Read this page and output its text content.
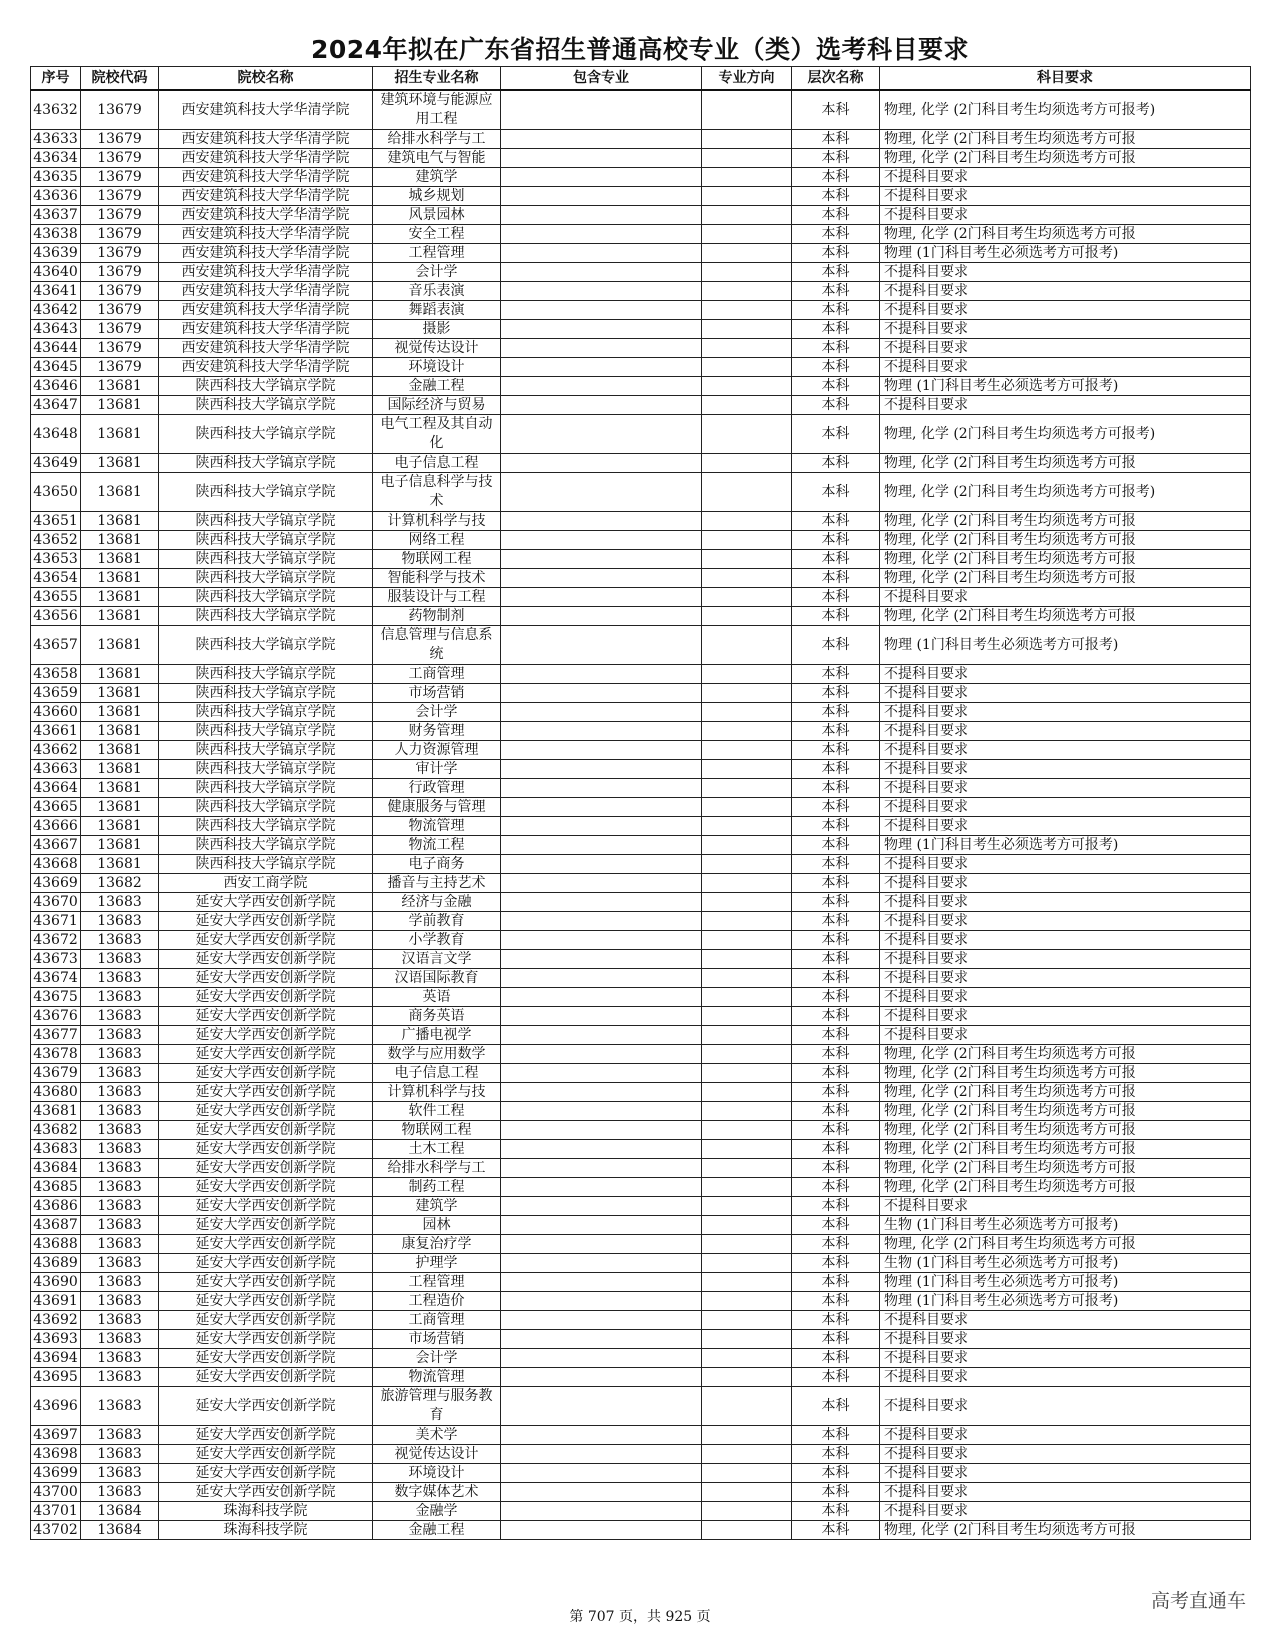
2024年拟在广东省招生普通高校专业（类）选考科目要求
序号	院校代码	院校名称	招生专业名称	包含专业	专业方向	层次名称	科目要求
43632	13679	西安建筑科技大学华清学院	建筑环境与能源应用工程			本科	物理, 化学 (2门科目考生均须选考方可报考)
43633	13679	西安建筑科技大学华清学院	给排水科学与工			本科	物理, 化学 (2门科目考生均须选考方可报
43634	13679	西安建筑科技大学华清学院	建筑电气与智能			本科	物理, 化学 (2门科目考生均须选考方可报
43635	13679	西安建筑科技大学华清学院	建筑学			本科	不提科目要求
43636	13679	西安建筑科技大学华清学院	城乡规划			本科	不提科目要求
43637	13679	西安建筑科技大学华清学院	风景园林			本科	不提科目要求
43638	13679	西安建筑科技大学华清学院	安全工程			本科	物理, 化学 (2门科目考生均须选考方可报
43639	13679	西安建筑科技大学华清学院	工程管理			本科	物理 (1门科目考生必须选考方可报考)
43640	13679	西安建筑科技大学华清学院	会计学			本科	不提科目要求
43641	13679	西安建筑科技大学华清学院	音乐表演			本科	不提科目要求
43642	13679	西安建筑科技大学华清学院	舞蹈表演			本科	不提科目要求
43643	13679	西安建筑科技大学华清学院	摄影			本科	不提科目要求
43644	13679	西安建筑科技大学华清学院	视觉传达设计			本科	不提科目要求
43645	13679	西安建筑科技大学华清学院	环境设计			本科	不提科目要求
43646	13681	陕西科技大学镐京学院	金融工程			本科	物理 (1门科目考生必须选考方可报考)
43647	13681	陕西科技大学镐京学院	国际经济与贸易			本科	不提科目要求
43648	13681	陕西科技大学镐京学院	电气工程及其自动化			本科	物理, 化学 (2门科目考生均须选考方可报考)
43649	13681	陕西科技大学镐京学院	电子信息工程			本科	物理, 化学 (2门科目考生均须选考方可报
43650	13681	陕西科技大学镐京学院	电子信息科学与技术			本科	物理, 化学 (2门科目考生均须选考方可报考)
43651	13681	陕西科技大学镐京学院	计算机科学与技			本科	物理, 化学 (2门科目考生均须选考方可报
43652	13681	陕西科技大学镐京学院	网络工程			本科	物理, 化学 (2门科目考生均须选考方可报
43653	13681	陕西科技大学镐京学院	物联网工程			本科	物理, 化学 (2门科目考生均须选考方可报
43654	13681	陕西科技大学镐京学院	智能科学与技术			本科	物理, 化学 (2门科目考生均须选考方可报
43655	13681	陕西科技大学镐京学院	服装设计与工程			本科	不提科目要求
43656	13681	陕西科技大学镐京学院	药物制剂			本科	物理, 化学 (2门科目考生均须选考方可报
43657	13681	陕西科技大学镐京学院	信息管理与信息系统			本科	物理 (1门科目考生必须选考方可报考)
43658	13681	陕西科技大学镐京学院	工商管理			本科	不提科目要求
43659	13681	陕西科技大学镐京学院	市场营销			本科	不提科目要求
43660	13681	陕西科技大学镐京学院	会计学			本科	不提科目要求
43661	13681	陕西科技大学镐京学院	财务管理			本科	不提科目要求
43662	13681	陕西科技大学镐京学院	人力资源管理			本科	不提科目要求
43663	13681	陕西科技大学镐京学院	审计学			本科	不提科目要求
43664	13681	陕西科技大学镐京学院	行政管理			本科	不提科目要求
43665	13681	陕西科技大学镐京学院	健康服务与管理			本科	不提科目要求
43666	13681	陕西科技大学镐京学院	物流管理			本科	不提科目要求
43667	13681	陕西科技大学镐京学院	物流工程			本科	物理 (1门科目考生必须选考方可报考)
43668	13681	陕西科技大学镐京学院	电子商务			本科	不提科目要求
43669	13682	西安工商学院	播音与主持艺术			本科	不提科目要求
43670	13683	延安大学西安创新学院	经济与金融			本科	不提科目要求
43671	13683	延安大学西安创新学院	学前教育			本科	不提科目要求
43672	13683	延安大学西安创新学院	小学教育			本科	不提科目要求
43673	13683	延安大学西安创新学院	汉语言文学			本科	不提科目要求
43674	13683	延安大学西安创新学院	汉语国际教育			本科	不提科目要求
43675	13683	延安大学西安创新学院	英语			本科	不提科目要求
43676	13683	延安大学西安创新学院	商务英语			本科	不提科目要求
43677	13683	延安大学西安创新学院	广播电视学			本科	不提科目要求
43678	13683	延安大学西安创新学院	数学与应用数学			本科	物理, 化学 (2门科目考生均须选考方可报
43679	13683	延安大学西安创新学院	电子信息工程			本科	物理, 化学 (2门科目考生均须选考方可报
43680	13683	延安大学西安创新学院	计算机科学与技			本科	物理, 化学 (2门科目考生均须选考方可报
43681	13683	延安大学西安创新学院	软件工程			本科	物理, 化学 (2门科目考生均须选考方可报
43682	13683	延安大学西安创新学院	物联网工程			本科	物理, 化学 (2门科目考生均须选考方可报
43683	13683	延安大学西安创新学院	土木工程			本科	物理, 化学 (2门科目考生均须选考方可报
43684	13683	延安大学西安创新学院	给排水科学与工			本科	物理, 化学 (2门科目考生均须选考方可报
43685	13683	延安大学西安创新学院	制药工程			本科	物理, 化学 (2门科目考生均须选考方可报
43686	13683	延安大学西安创新学院	建筑学			本科	不提科目要求
43687	13683	延安大学西安创新学院	园林			本科	生物 (1门科目考生必须选考方可报考)
43688	13683	延安大学西安创新学院	康复治疗学			本科	物理, 化学 (2门科目考生均须选考方可报
43689	13683	延安大学西安创新学院	护理学			本科	生物 (1门科目考生必须选考方可报考)
43690	13683	延安大学西安创新学院	工程管理			本科	物理 (1门科目考生必须选考方可报考)
43691	13683	延安大学西安创新学院	工程造价			本科	物理 (1门科目考生必须选考方可报考)
43692	13683	延安大学西安创新学院	工商管理			本科	不提科目要求
43693	13683	延安大学西安创新学院	市场营销			本科	不提科目要求
43694	13683	延安大学西安创新学院	会计学			本科	不提科目要求
43695	13683	延安大学西安创新学院	物流管理			本科	不提科目要求
43696	13683	延安大学西安创新学院	旅游管理与服务教育			本科	不提科目要求
43697	13683	延安大学西安创新学院	美术学			本科	不提科目要求
43698	13683	延安大学西安创新学院	视觉传达设计			本科	不提科目要求
43699	13683	延安大学西安创新学院	环境设计			本科	不提科目要求
43700	13683	延安大学西安创新学院	数字媒体艺术			本科	不提科目要求
43701	13684	珠海科技学院	金融学			本科	不提科目要求
43702	13684	珠海科技学院	金融工程			本科	物理, 化学 (2门科目考生均须选考方可报
第 707 页，共 925 页
高考直通车
